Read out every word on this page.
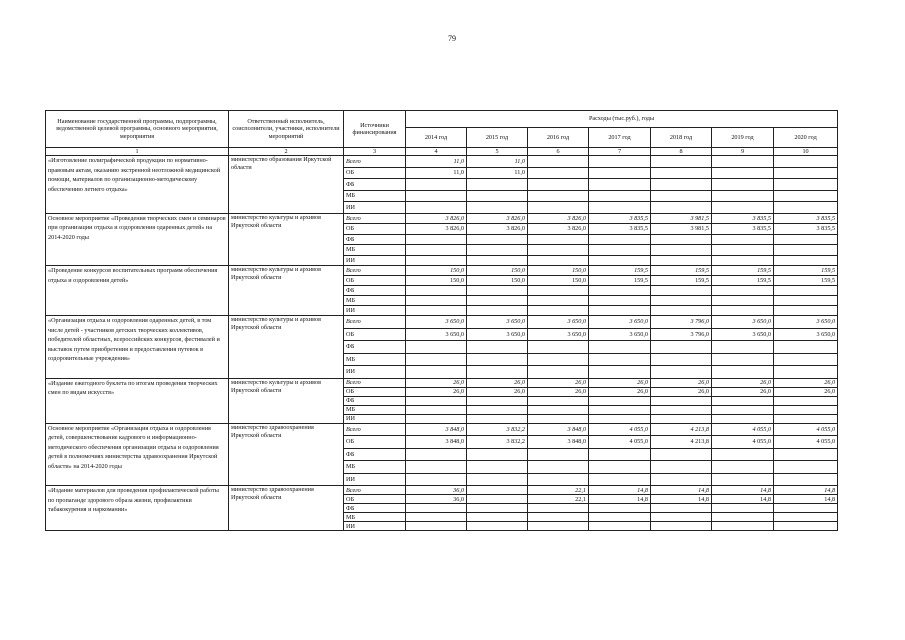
79
Наименование государственной программы, подпрограммы, ведомственной целевой программы, основного мероприятия, мероприятия	Ответственный исполнитель, соисполнители, участники, исполнители мероприятий	Источники финансирования	Расходы (тыс.руб.), годы						
			2014 год	2015 год	2016 год	2017 год	2018 год	2019 год	2020 год
1	2	3	4	5	6	7	8	9	10
«Изготовление полиграфической продукции по нормативно-правовым актам, оказанию экстренной неотложной медицинской помощи, материалов по организационно-методическому обеспечению летнего отдыха»	министерство образования Иркутской области	Всего	11,0	11,0					
		ОБ	11,0	11,0					
		ФБ							
		МБ							
		ИИ							
Основное мероприятие «Проведения творческих смен и семинаров при организации отдыха и оздоровления одаренных детей» на 2014-2020 годы	министерство культуры и архивов Иркутской области	Всего	3 826,0	3 826,0	3 826,0	3 835,5	3 981,5	3 835,5	3 835,5
		ОБ	3 826,0	3 826,0	3 826,0	3 835,5	3 981,5	3 835,5	3 835,5
		ФБ							
		МБ							
		ИИ							
«Проведение конкурсов воспитательных программ обеспечения отдыха и оздоровления детей»	министерство культуры и архивов Иркутской области	Всего	150,0	150,0	150,0	159,5	159,5	159,5	159,5
		ОБ	150,0	150,0	150,0	159,5	159,5	159,5	159,5
		ФБ							
		МБ							
		ИИ							
«Организация отдыха и оздоровления одаренных детей, в том числе детей - участников детских творческих коллективов, победителей областных, всероссийских конкурсов, фестивалей и выставок путем приобретения и предоставления путевок в оздоровительные учреждения»	министерство культуры и архивов Иркутской области	Всего	3 650,0	3 650,0	3 650,0	3 650,0	3 796,0	3 650,0	3 650,0
		ОБ	3 650,0	3 650,0	3 650,0	3 650,0	3 796,0	3 650,0	3 650,0
		ФБ							
		МБ							
		ИИ							
«Издание ежегодного буклета по итогам проведения творческих смен по видам искусств»	министерство культуры и архивов Иркутской области	Всего	26,0	26,0	26,0	26,0	26,0	26,0	26,0
		ОБ	26,0	26,0	26,0	26,0	26,0	26,0	26,0
		ФБ							
		МБ							
		ИИ							
Основное мероприятие «Организация отдыха и оздоровления детей, совершенствование кадрового и информационно-методического обеспечения организации отдыха и оздоровления детей в полномочиях министерства здравоохранения Иркутской области» на 2014-2020 годы	министерство здравоохранения Иркутской области	Всего	3 848,0	3 832,2	3 848,0	4 055,0	4 213,8	4 055,0	4 055,0
		ОБ	3 848,0	3 832,2	3 848,0	4 055,0	4 213,8	4 055,0	4 055,0
		ФБ							
		МБ							
		ИИ							
«Издание материалов для проведения профилактической работы по пропаганде здорового образа жизни, профилактики табакокурения и наркомании»	министерство здравоохранения Иркутской области	Всего	36,0		22,1	14,8	14,8	14,8	14,8
		ОБ	36,0		22,1	14,8	14,8	14,8	14,8
		ФБ							
		МБ							
		ИИ							
